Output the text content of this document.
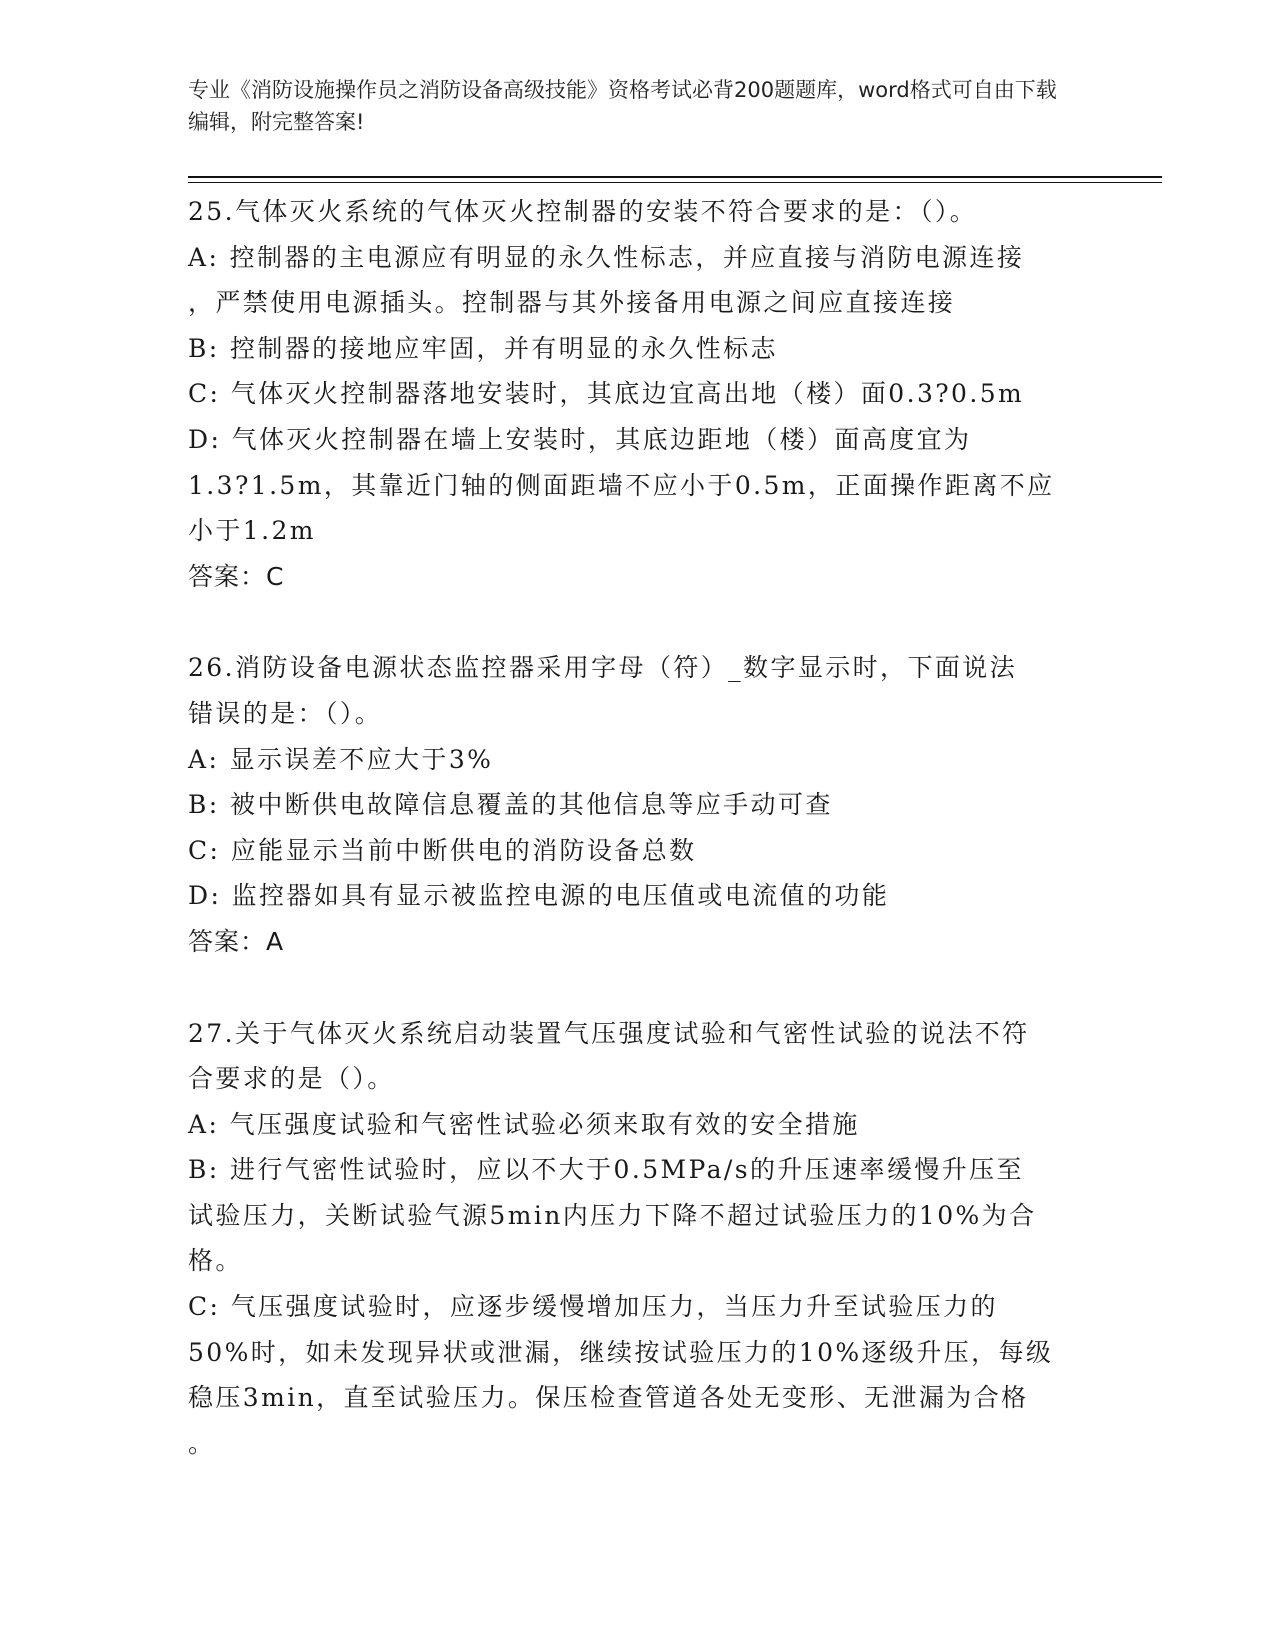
专业《消防设施操作员之消防设备高级技能》资格考试必背200题题库，word格式可自由下载编辑，附完整答案!
25.气体灭火系统的气体灭火控制器的安装不符合要求的是：（）。
A: 控制器的主电源应有明显的永久性标志，并应直接与消防电源连接
，严禁使用电源插头。控制器与其外接备用电源之间应直接连接
B: 控制器的接地应牢固，并有明显的永久性标志
C: 气体灭火控制器落地安装时，其底边宜高出地（楼）面0.3?0.5m
D: 气体灭火控制器在墙上安装时，其底边距地（楼）面高度宜为
1.3?1.5m，其靠近门轴的侧面距墙不应小于0.5m，正面操作距离不应
小于1.2m
答案：C
26.消防设备电源状态监控器采用字母（符）_数字显示时，下面说法
错误的是：（）。
A: 显示误差不应大于3%
B: 被中断供电故障信息覆盖的其他信息等应手动可查
C: 应能显示当前中断供电的消防设备总数
D: 监控器如具有显示被监控电源的电压值或电流值的功能
答案：A
27.关于气体灭火系统启动装置气压强度试验和气密性试验的说法不符
合要求的是（）。
A: 气压强度试验和气密性试验必须来取有效的安全措施
B: 进行气密性试验时，应以不大于0.5MPa/s的升压速率缓慢升压至
试验压力，关断试验气源5min内压力下降不超过试验压力的10%为合
格。
C: 气压强度试验时，应逐步缓慢增加压力，当压力升至试验压力的
50%时，如未发现异状或泄漏，继续按试验压力的10%逐级升压，每级
稳压3min，直至试验压力。保压检查管道各处无变形、无泄漏为合格
。
